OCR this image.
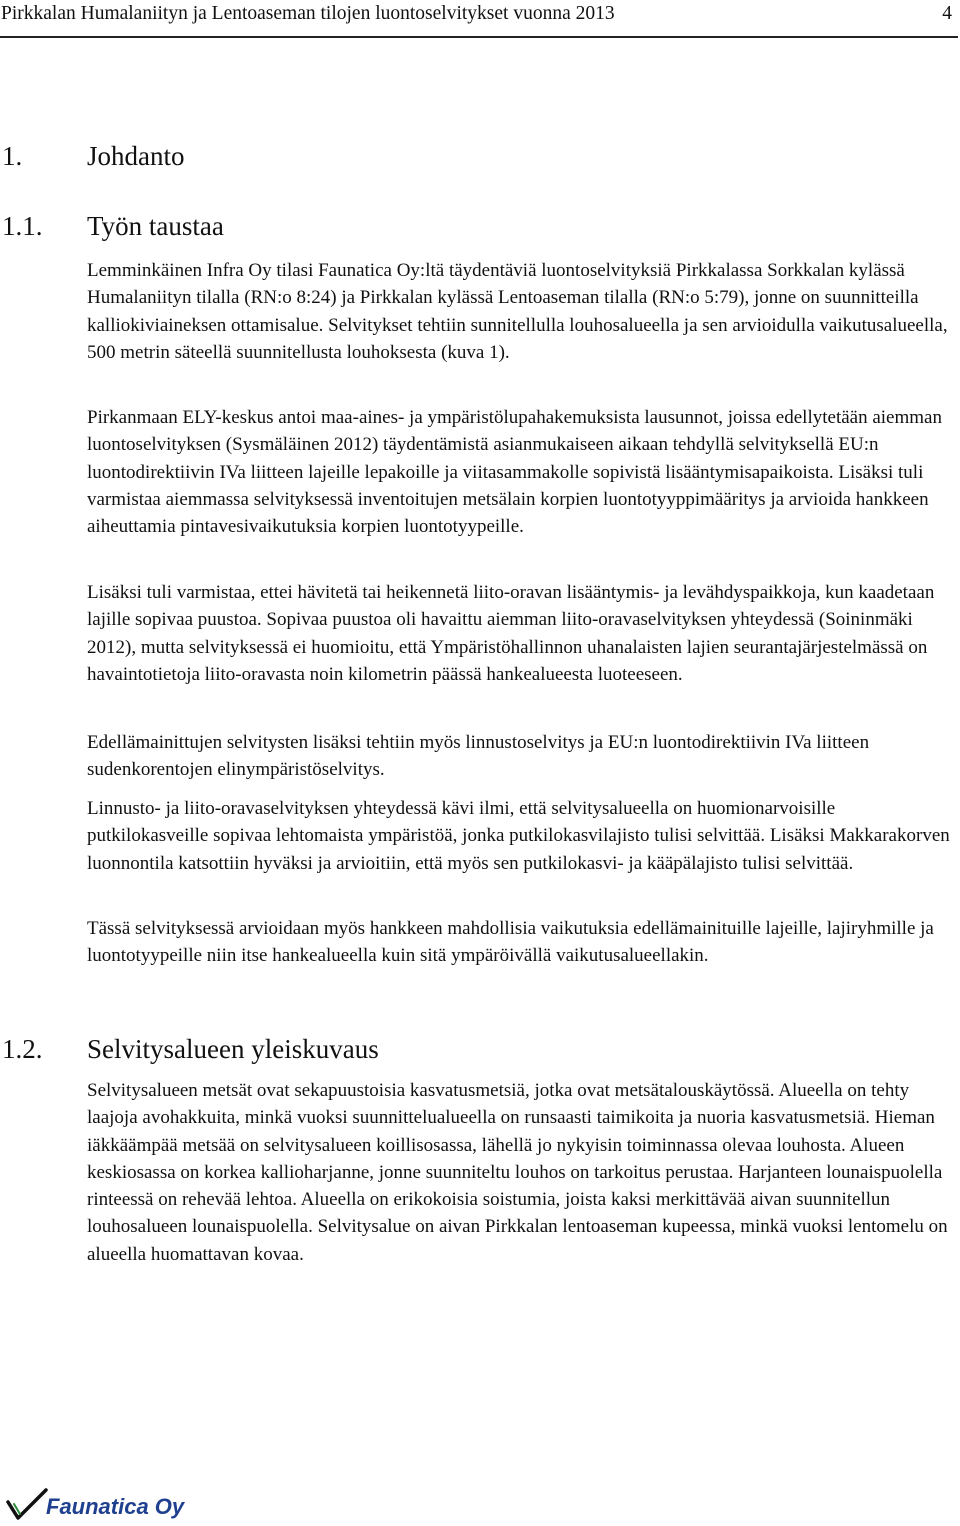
Pirkkalan Humalaniityn ja Lentoaseman tilojen luontoselvitykset vuonna 2013	4
1. Johdanto
1.1. Työn taustaa

Lemminkäinen Infra Oy tilasi Faunatica Oy:ltä täydentäviä luontoselvityksiä Pirkkalassa Sorkkalan kylässä Humalaniityn tilalla (RN:o 8:24) ja Pirkkalan kylässä Lentoaseman tilalla (RN:o 5:79), jonne on suunnitteilla kalliokiviaineksen ottamisalue. Selvitykset tehtiin sunnitellulla louhosalueella ja sen arvioidulla vaikutusalueella, 500 metrin säteellä suunnitellusta louhoksesta (kuva 1).

Pirkanmaan ELY-keskus antoi maa-aines- ja ympäristölupahakemuksista lausunnot, joissa edellytetään aiemman luontoselvityksen (Sysmäläinen 2012) täydentämistä asianmukaiseen aikaan tehdyllä selvityksellä EU:n luontodirektiivin IVa liitteen lajeille lepakoille ja viitasammakolle sopivistä lisääntymisapaikoista. Lisäksi tuli varmistaa aiemmassa selvityksessä inventoitujen metsälain korpien luontotyyppimääritys ja arvioida hankkeen aiheuttamia pintavesivaikutuksia korpien luontotyypeille.

Lisäksi tuli varmistaa, ettei hävitetä tai heikennetä liito-oravan lisääntymis- ja levähdyspaikkoja, kun kaadetaan lajille sopivaa puustoa. Sopivaa puustoa oli havaittu aiemman liito-oravaselvityksen yhteydessä (Soininmäki 2012), mutta selvityksessä ei huomioitu, että Ympäristöhallinnon uhanalaisten lajien seurantajärjestelmässä on havaintotietoja liito-oravasta noin kilometrin päässä hankealueesta luoteeseen.

Edellämainittujen selvitysten lisäksi tehtiin myös linnustoselvitys ja EU:n luontodirektiivin IVa liitteen sudenkorentojen elinympäristöselvitys.

Linnusto- ja liito-oravaselvityksen yhteydessä kävi ilmi, että selvitysalueella on huomionarvoisille putkilokasveille sopivaa lehtomaista ympäristöä, jonka putkilokasvilajisto tulisi selvittää. Lisäksi Makkarakorven luonnontila katsottiin hyväksi ja arvioitiin, että myös sen putkilokasvi- ja kääpälajisto tulisi selvittää.

Tässä selvityksessä arvioidaan myös hankkeen mahdollisia vaikutuksia edellämainituille lajeille, lajiryhmille ja luontotyypeille niin itse hankealueella kuin sitä ympäröivällä vaikutusalueellakin.

1.2. Selvitysalueen yleiskuvaus

Selvitysalueen metsät ovat sekapuustoisia kasvatusmetsiä, jotka ovat metsätalouskäytössä. Alueella on tehty laajoja avohakkuita, minkä vuoksi suunnittelualueella on runsaasti taimikoita ja nuoria kasvatusmetsiä. Hieman iäkkäämpää metsää on selvitysalueen koillisosassa, lähellä jo nykyisin toiminnassa olevaa louhosta. Alueen keskiosassa on korkea kallioharjanne, jonne suunniteltu louhos on tarkoitus perustaa. Harjanteen lounaispuolella rinteessä on rehevää lehtoa. Alueella on erikokoisia soistumia, joista kaksi merkittävää aivan suunnitellun louhosalueen lounaispuolella. Selvitysalue on aivan Pirkkalan lentoaseman kupeessa, minkä vuoksi lentomelu on alueella huomattavan kovaa.

Faunatica Oy
